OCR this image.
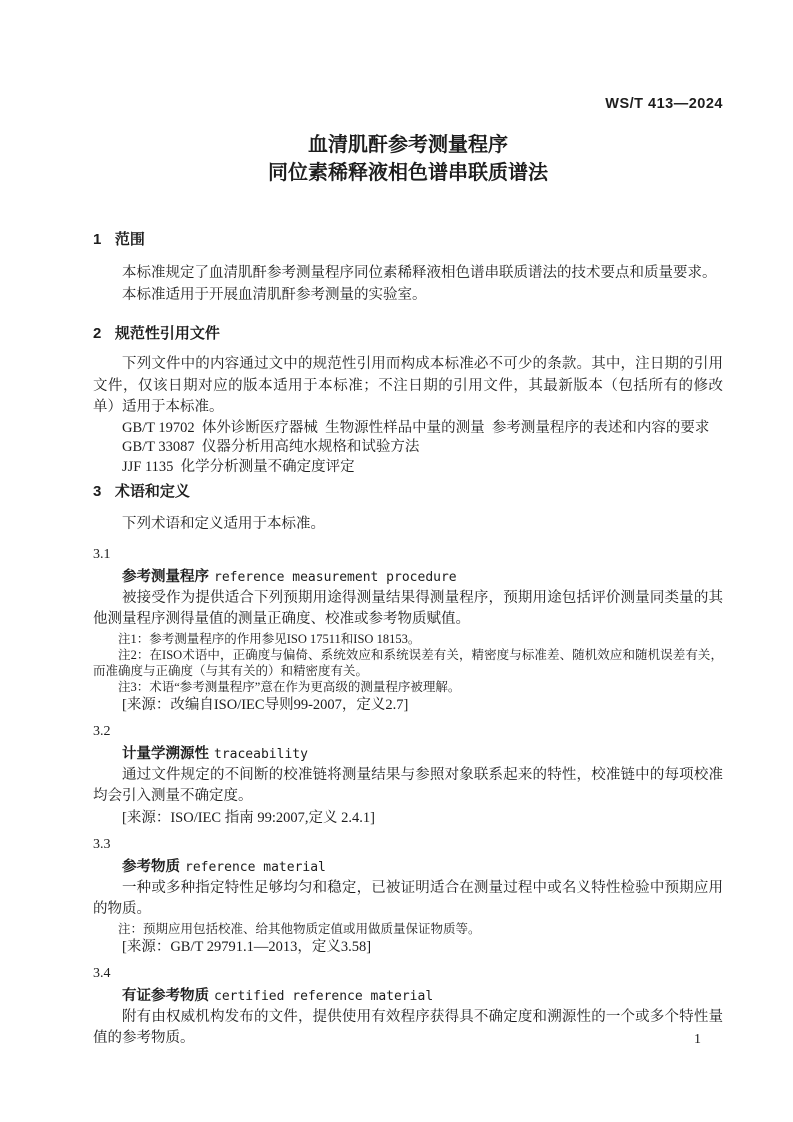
WS/T 413—2024
血清肌酐参考测量程序
同位素稀释液相色谱串联质谱法
1 范围

本标准规定了血清肌酐参考测量程序同位素稀释液相色谱串联质谱法的技术要点和质量要求。

本标准适用于开展血清肌酐参考测量的实验室。

2 规范性引用文件

下列文件中的内容通过文中的规范性引用而构成本标准必不可少的条款。其中，注日期的引用文件，仅该日期对应的版本适用于本标准；不注日期的引用文件，其最新版本（包括所有的修改单）适用于本标准。

GB/T 19702  体外诊断医疗器械  生物源性样品中量的测量  参考测量程序的表述和内容的要求

GB/T 33087  仪器分析用高纯水规格和试验方法

JJF 1135  化学分析测量不确定度评定

3 术语和定义

下列术语和定义适用于本标准。

3.1
参考测量程序 reference measurement procedure

被接受作为提供适合下列预期用途得测量结果得测量程序，预期用途包括评价测量同类量的其他测量程序测得量值的测量正确度、校准或参考物质赋值。

注1：参考测量程序的作用参见ISO 17511和ISO 18153。

注2：在ISO术语中，正确度与偏倚、系统效应和系统误差有关，精密度与标准差、随机效应和随机误差有关，而准确度与正确度（与其有关的）和精密度有关。

注3：术语“参考测量程序”意在作为更高级的测量程序被理解。

[来源：改编自ISO/IEC导则99-2007，定义2.7]

3.2
计量学溯源性 traceability

通过文件规定的不间断的校准链将测量结果与参照对象联系起来的特性，校准链中的每项校准均会引入测量不确定度。

[来源：ISO/IEC 指南 99:2007,定义 2.4.1]

3.3
参考物质 reference material

一种或多种指定特性足够均匀和稳定，已被证明适合在测量过程中或名义特性检验中预期应用的物质。

注：预期应用包括校准、给其他物质定值或用做质量保证物质等。

[来源：GB/T 29791.1—2013，定义3.58]

3.4
有证参考物质 certified reference material

附有由权威机构发布的文件，提供使用有效程序获得具不确定度和溯源性的一个或多个特性量值的参考物质。	1
